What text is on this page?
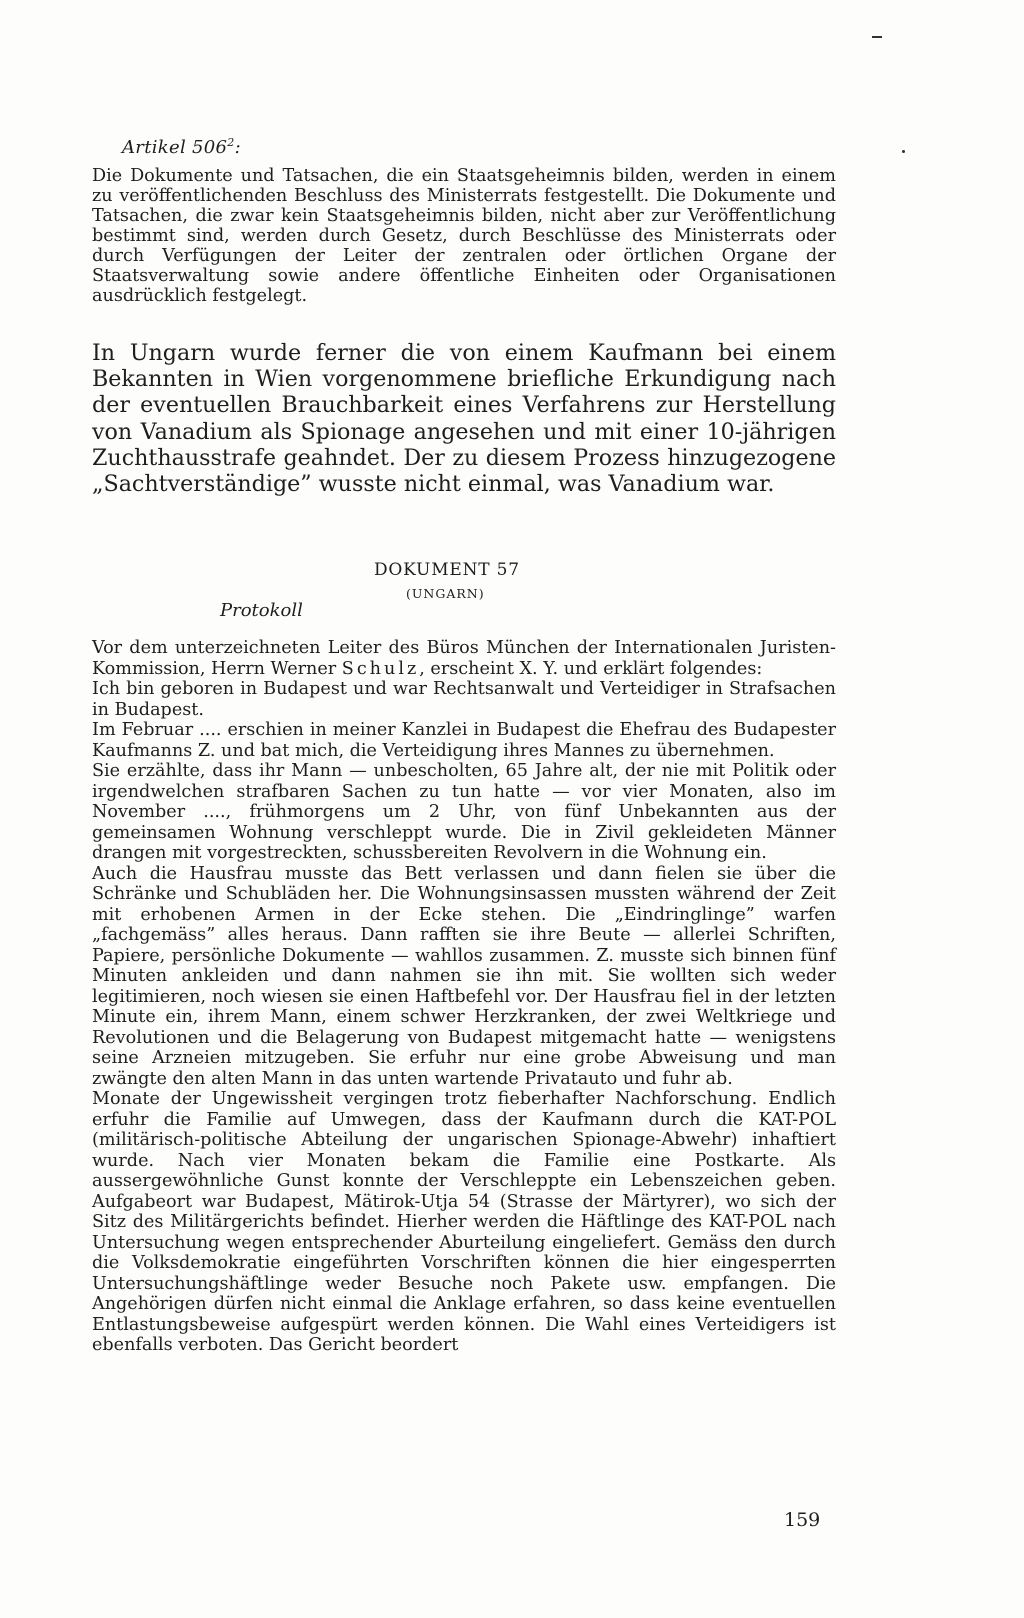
Artikel $506^2$:

Die Dokumente und Tatsachen, die ein Staatsgeheimnis bilden, werden in einem zu veröffentlichenden Beschluss des Ministerrats festgestellt. Die Dokumente und Tatsachen, die zwar kein Staatsgeheimnis bilden, nicht aber zur Veröffentlichung bestimmt sind, werden durch Gesetz, durch Beschlüsse des Ministerrats oder durch Verfügungen der Leiter der zentralen oder örtlichen Organe der Staatsverwaltung sowie andere öffentliche Einheiten oder Organisationen ausdrücklich festgelegt.

In Ungarn wurde ferner die von einem Kaufmann bei einem Bekannten in Wien vorgenommene briefliche Erkundigung nach der eventuellen Brauchbarkeit eines Verfahrens zur Herstellung von Vanadium als Spionage angesehen und mit einer 10-jährigen Zuchthausstrafe geahndet. Der zu diesem Prozess hinzugezogene „Sachtverständige” wusste nicht einmal, was Vanadium war.

DOKUMENT 57
(UNGARN)
Protokoll

Vor dem unterzeichneten Leiter des Büros München der Internationalen Juristen-Kommission, Herrn Werner Schulz, erscheint X. Y. und erklärt folgendes:

Ich bin geboren in Budapest und war Rechtsanwalt und Verteidiger in Strafsachen in Budapest.

Im Februar .... erschien in meiner Kanzlei in Budapest die Ehefrau des Budapester Kaufmanns Z. und bat mich, die Verteidigung ihres Mannes zu übernehmen.

Sie erzählte, dass ihr Mann — unbescholten, 65 Jahre alt, der nie mit Politik oder irgendwelchen strafbaren Sachen zu tun hatte — vor vier Monaten, also im November ...., frühmorgens um 2 Uhr, von fünf Unbekannten aus der gemeinsamen Wohnung verschleppt wurde. Die in Zivil gekleideten Männer drangen mit vorgestreckten, schussbereiten Revolvern in die Wohnung ein.

Auch die Hausfrau musste das Bett verlassen und dann fielen sie über die Schränke und Schubläden her. Die Wohnungsinsassen mussten während der Zeit mit erhobenen Armen in der Ecke stehen. Die „Eindringlinge” warfen „fachgemäss” alles heraus. Dann rafften sie ihre Beute — allerlei Schriften, Papiere, persönliche Dokumente — wahllos zusammen. Z. musste sich binnen fünf Minuten ankleiden und dann nahmen sie ihn mit. Sie wollten sich weder legitimieren, noch wiesen sie einen Haftbefehl vor. Der Hausfrau fiel in der letzten Minute ein, ihrem Mann, einem schwer Herzkranken, der zwei Weltkriege und Revolutionen und die Belagerung von Budapest mitgemacht hatte — wenigstens seine Arzneien mitzugeben. Sie erfuhr nur eine grobe Abweisung und man zwängte den alten Mann in das unten wartende Privatauto und fuhr ab.

Monate der Ungewissheit vergingen trotz fieberhafter Nachforschung. Endlich erfuhr die Familie auf Umwegen, dass der Kaufmann durch die KAT-POL (militärisch-politische Abteilung der ungarischen Spionage-Abwehr) inhaftiert wurde. Nach vier Monaten bekam die Familie eine Postkarte. Als aussergewöhnliche Gunst konnte der Verschleppte ein Lebenszeichen geben. Aufgabeort war Budapest, Mätirok-Utja 54 (Strasse der Märtyrer), wo sich der Sitz des Militärgerichts befindet. Hierher werden die Häftlinge des KAT-POL nach Untersuchung wegen entsprechender Aburteilung eingeliefert. Gemäss den durch die Volksdemokratie eingeführten Vorschriften können die hier eingesperrten Untersuchungshäftlinge weder Besuche noch Pakete usw. empfangen. Die Angehörigen dürfen nicht einmal die Anklage erfahren, so dass keine eventuellen Entlastungsbeweise aufgespürt werden können. Die Wahl eines Verteidigers ist ebenfalls verboten. Das Gericht beordert

159
